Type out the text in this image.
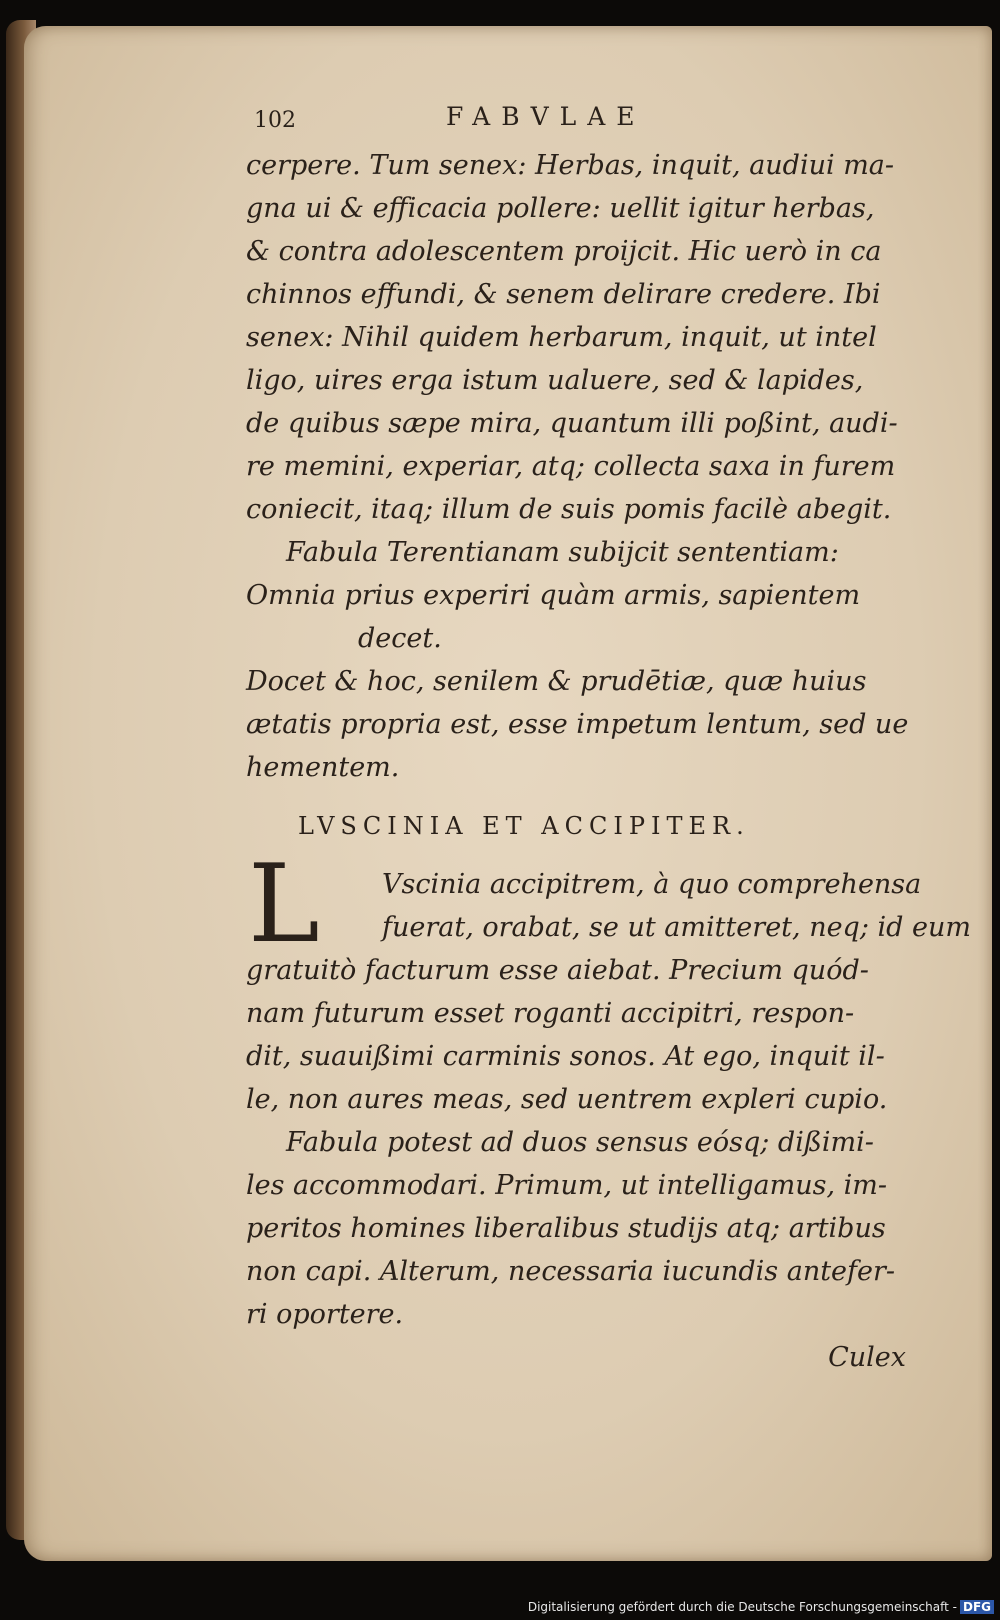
102	FABVLAE
cerpere. Tum senex: Herbas, inquit, audiui ma-
gna ui & efficacia pollere: uellit igitur herbas,
& contra adolescentem proijcit. Hic uerò in ca
chinnos effundi, & senem delirare credere. Ibi
senex: Nihil quidem herbarum, inquit, ut intel
ligo, uires erga istum ualuere, sed & lapides,
de quibus sæpe mira, quantum illi poßint, audi-
re memini, experiar, atq; collecta saxa in furem
coniecit, itaq; illum de suis pomis facilè abegit.
Fabula Terentianam subijcit sententiam:
Omnia prius experiri quàm armis, sapientem
decet.
Docet & hoc, senilem & prudētiæ, quæ huius
ætatis propria est, esse impetum lentum, sed ue
hementem.
LVSCINIA ET ACCIPITER.
L	Vscinia accipitrem, à quo comprehensa
fuerat, orabat, se ut amitteret, neq; id eum
gratuitò facturum esse aiebat. Precium quód-
nam futurum esset roganti accipitri, respon-
dit, suauißimi carminis sonos. At ego, inquit il-
le, non aures meas, sed uentrem expleri cupio.
Fabula potest ad duos sensus eósq; dißimi-
les accommodari. Primum, ut intelligamus, im-
peritos homines liberalibus studijs atq; artibus
non capi. Alterum, necessaria iucundis antefer-
ri oportere.
Culex
Digitalisierung gefördert durch die Deutsche Forschungsgemeinschaft - DFG
